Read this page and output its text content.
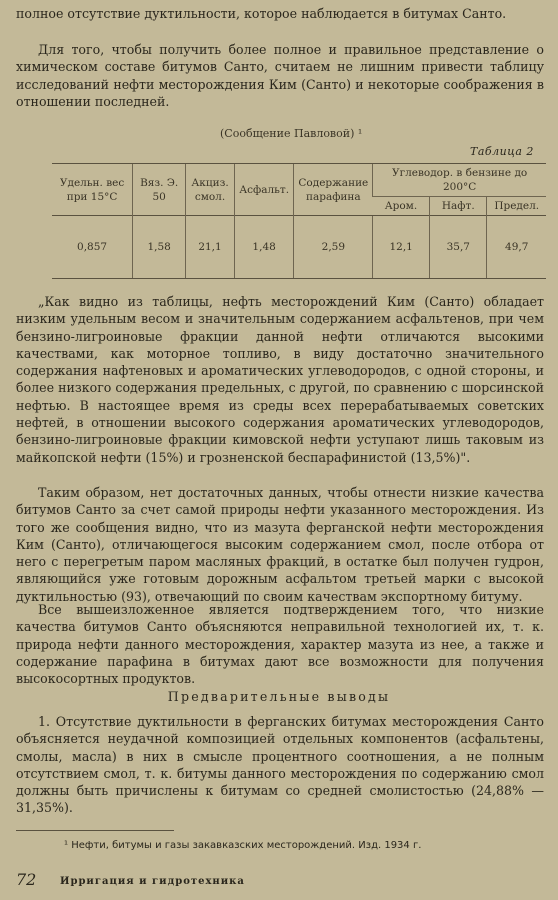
полное отсутствие дуктильности, которое наблюдается в битумах Санто.

Для того, чтобы получить более полное и правильное представление о химическом составе битумов Санто, считаем не лишним привести таблицу исследований нефти месторождения Ким (Санто) и некоторые соображения в отношении последней.

(Сообщение Павловой) ¹
Таблица 2
Удельн. вес при 15°С	Вяз. Э. 50	Акциз. смол.	Асфальт.	Содержание парафина	Углеводор. в бензине до 200°С		
					Аром.	Нафт.	Предел.
0,857	1,58	21,1	1,48	2,59	12,1	35,7	49,7

„Как видно из таблицы, нефть месторождений Ким (Санто) обладает низким удельным весом и значительным содержанием асфальтенов, при чем бензино-лигроиновые фракции данной нефти отличаются высокими качествами, как моторное топливо, в виду достаточно значительного содержания нафтеновых и ароматических углеводородов, с одной стороны, и более низкого содержания предельных, с другой, по сравнению с шорсинской нефтью. В настоящее время из среды всех перерабатываемых советских нефтей, в отношении высокого содержания ароматических углеводородов, бензино-лигроиновые фракции кимовской нефти уступают лишь таковым из майкопской нефти (15%) и грозненской беспарафинистой (13,5%)".

Таким образом, нет достаточных данных, чтобы отнести низкие качества битумов Санто за счет самой природы нефти указанного месторождения. Из того же сообщения видно, что из мазута ферганской нефти месторождения Ким (Санто), отличающегося высоким содержанием смол, после отбора от него с перегретым паром масляных фракций, в остатке был получен гудрон, являющийся уже готовым дорожным асфальтом третьей марки с высокой дуктильностью (93), отвечающий по своим качествам экспортному битуму.

Все вышеизложенное является подтверждением того, что низкие качества битумов Санто объясняются неправильной технологией их, т. к. природа нефти данного месторождения, характер мазута из нее, а также и содержание парафина в битумах дают все возможности для получения высокосортных продуктов.

Предварительные выводы

1. Отсутствие дуктильности в ферганских битумах месторождения Санто объясняется неудачной композицией отдельных компонентов (асфальтены, смолы, масла) в них в смысле процентного соотношения, а не полным отсутствием смол, т. к. битумы данного месторождения по содержанию смол должны быть причислены к битумам со средней смолистостью (24,88% — 31,35%).

¹ Нефти, битумы и газы закавказских месторождений. Изд. 1934 г.
72 Ирригация и гидротехника
